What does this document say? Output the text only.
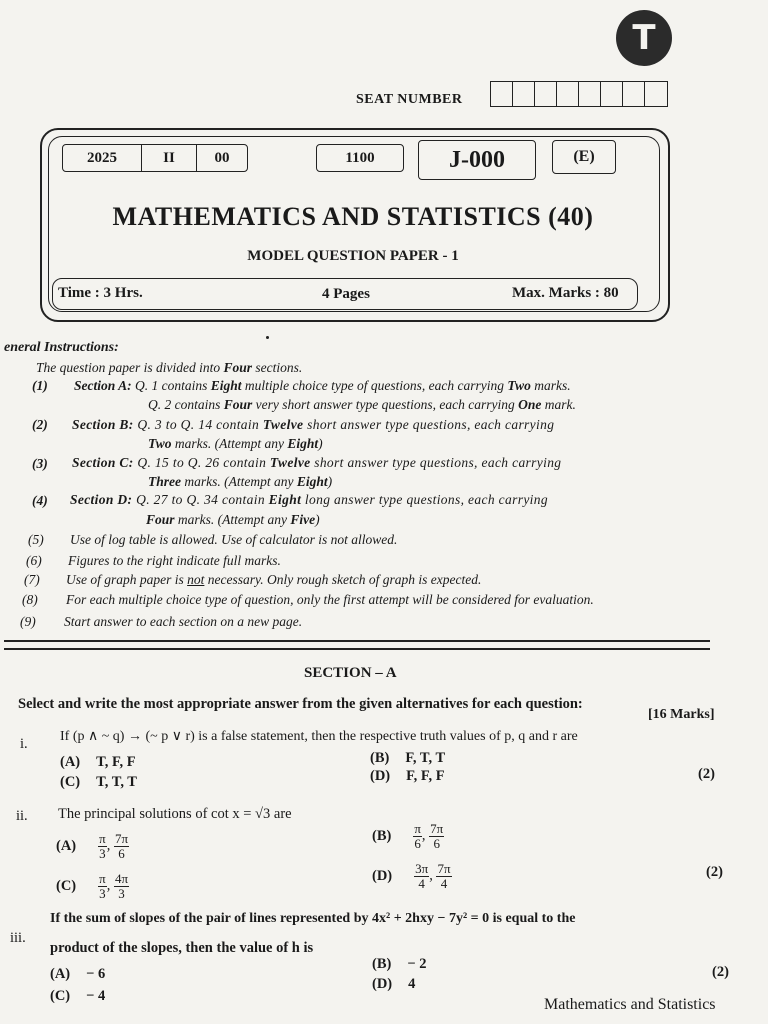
T
SEAT NUMBER
2025	II	00	1100	J-000	(E)
MATHEMATICS AND STATISTICS (40)
MODEL QUESTION PAPER - 1
Time : 3 Hrs.	4 Pages	Max. Marks : 80
eneral Instructions:
The question paper is divided into Four sections.
(1) Section A: Q. 1 contains Eight multiple choice type of questions, each carrying Two marks.
Q. 2 contains Four very short answer type questions, each carrying One mark.
(2) Section B: Q. 3 to Q. 14 contain Twelve short answer type questions, each carrying
Two marks. (Attempt any Eight)
(3) Section C: Q. 15 to Q. 26 contain Twelve short answer type questions, each carrying
Three marks. (Attempt any Eight)
(4) Section D: Q. 27 to Q. 34 contain Eight long answer type questions, each carrying
Four marks. (Attempt any Five)
(5) Use of log table is allowed. Use of calculator is not allowed.
(6) Figures to the right indicate full marks.
(7) Use of graph paper is not necessary. Only rough sketch of graph is expected.
(8) For each multiple choice type of question, only the first attempt will be considered for evaluation.
(9) Start answer to each section on a new page.
SECTION – A
Select and write the most appropriate answer from the given alternatives for each question:
[16 Marks]
i. If (p ∧ ~ q) → (~ p ∨ r) is a false statement, then the respective truth values of p, q and r are
(A) T, F, F	(B) F, T, T
(C) T, T, T	(D) F, F, F	(2)
ii. The principal solutions of cot x = √3 are
$(A) \frac{\pi}{3}$ , $\frac{7\pi}{6}$	$(B) \frac{\pi}{6}$ , $\frac{7\pi}{6}$
$(C) \frac{\pi}{3}$ , $\frac{4\pi}{3}$	$(D) \frac{3\pi}{4}$ , $\frac{7\pi}{4}$	(2)
iii.
If the sum of slopes of the pair of lines represented by 4x² + 2hxy − 7y² = 0 is equal to the
product of the slopes, then the value of h is
(A) − 6
(B) − 2
(C) − 4
(D) 4
(2)
Mathematics and Statistics
